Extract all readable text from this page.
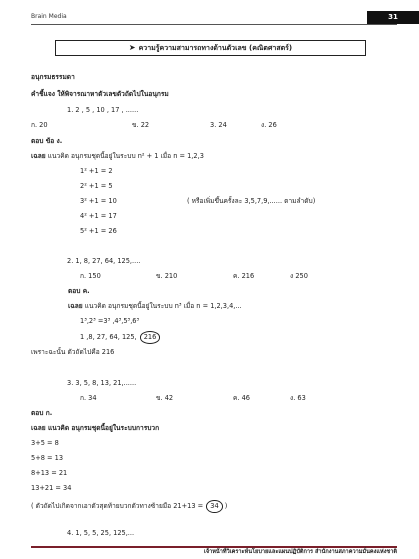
Brain Media	31
➤ ความรู้ความสามารถทางด้านตัวเลข (คณิตศาสตร์)
อนุกรมธรรมดา
คำชี้แจง ให้พิจารณาหาตัวเลขตัวถัดไปในอนุกรม
1. 2 , 5 , 10 , 17 , ......
ก. 20	ข. 22	3. 24	ง. 26
ตอบ ข้อ ง.
เฉลย แนวคิด อนุกรมชุดนี้อยู่ในระบบ n² + 1 เมื่อ n = 1,2,3
1² +1 = 2
2² +1 = 5
3² +1 = 10	( หรือเพิ่มขึ้นครั้งละ 3,5,7,9,...... ตามลำดับ)
4² +1 = 17
5² +1 = 26
2. 1, 8, 27, 64, 125,....
ก. 150	ข. 210	ค. 216	ง 250
ตอบ ค.
เฉลย แนวคิด อนุกรมชุดนี้อยู่ในระบบ n³ เมื่อ n = 1,2,3,4,...
1³,2³ =3³ ,4³,5³,6³
1 ,8, 27, 64, 125, 216
เพราะฉะนั้น ตัวถัดไปคือ 216
3. 3, 5, 8, 13, 21,......
ก. 34	ข. 42	ค. 46	ง. 63
ตอบ ก.
เฉลย แนวคิด อนุกรมชุดนี้อยู่ในระบบการบวก
3+5 = 8
5+8 = 13
8+13 = 21
13+21 = 34
( ตัวถัดไปเกิดจากเอาตัวสุดท้ายบวกตัวทางซ้ายมือ 21+13 = 34 )
4. 1, 5, 5, 25, 125,...
เจ้าหน้าที่วิเคราะห์นโยบายและแผนปฏิบัติการ สำนักงานสภาความมั่นคงแห่งชาติ
